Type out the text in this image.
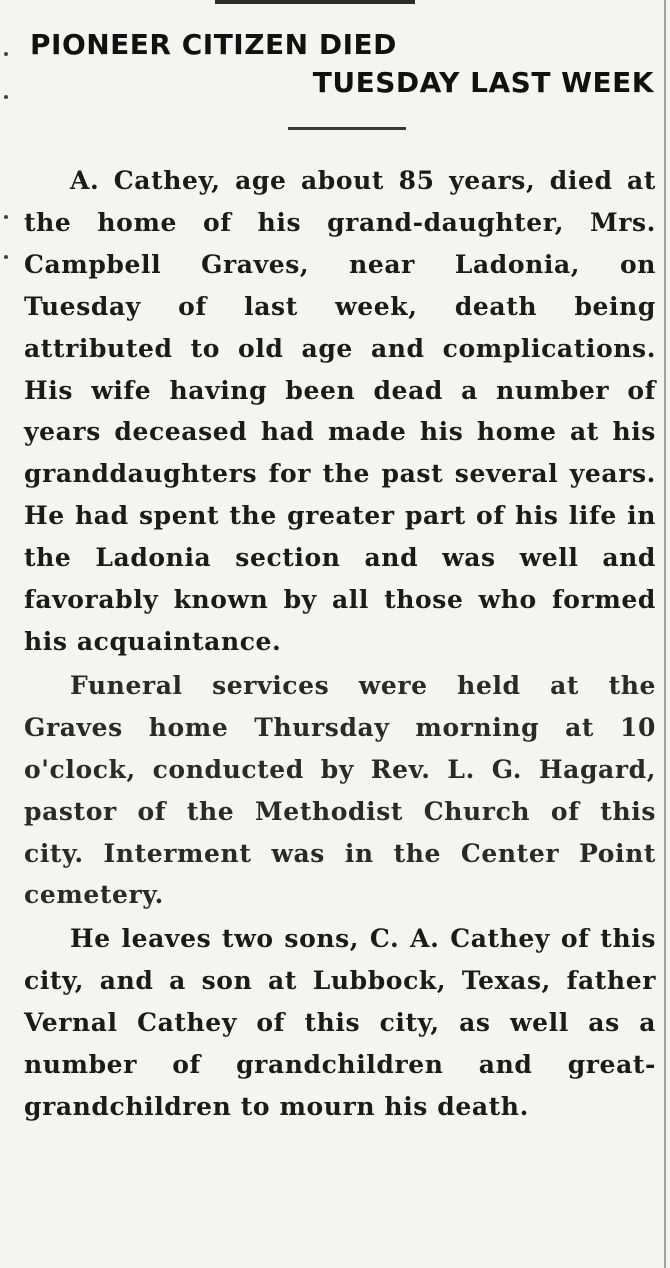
PIONEER CITIZEN DIED
TUESDAY LAST WEEK

A. Cathey, age about 85 years, died at the home of his grand-daughter, Mrs. Campbell Graves, near Ladonia, on Tuesday of last week, death being attributed to old age and complications. His wife having been dead a number of years deceased had made his home at his granddaughters for the past several years. He had spent the greater part of his life in the Ladonia section and was well and favorably known by all those who formed his acquaintance.

Funeral services were held at the Graves home Thursday morning at 10 o'clock, conducted by Rev. L. G. Hagard, pastor of the Methodist Church of this city. Interment was in the Center Point cemetery.

He leaves two sons, C. A. Cathey of this city, and a son at Lubbock, Texas, father Vernal Cathey of this city, as well as a number of grandchildren and great-grandchildren to mourn his death.
